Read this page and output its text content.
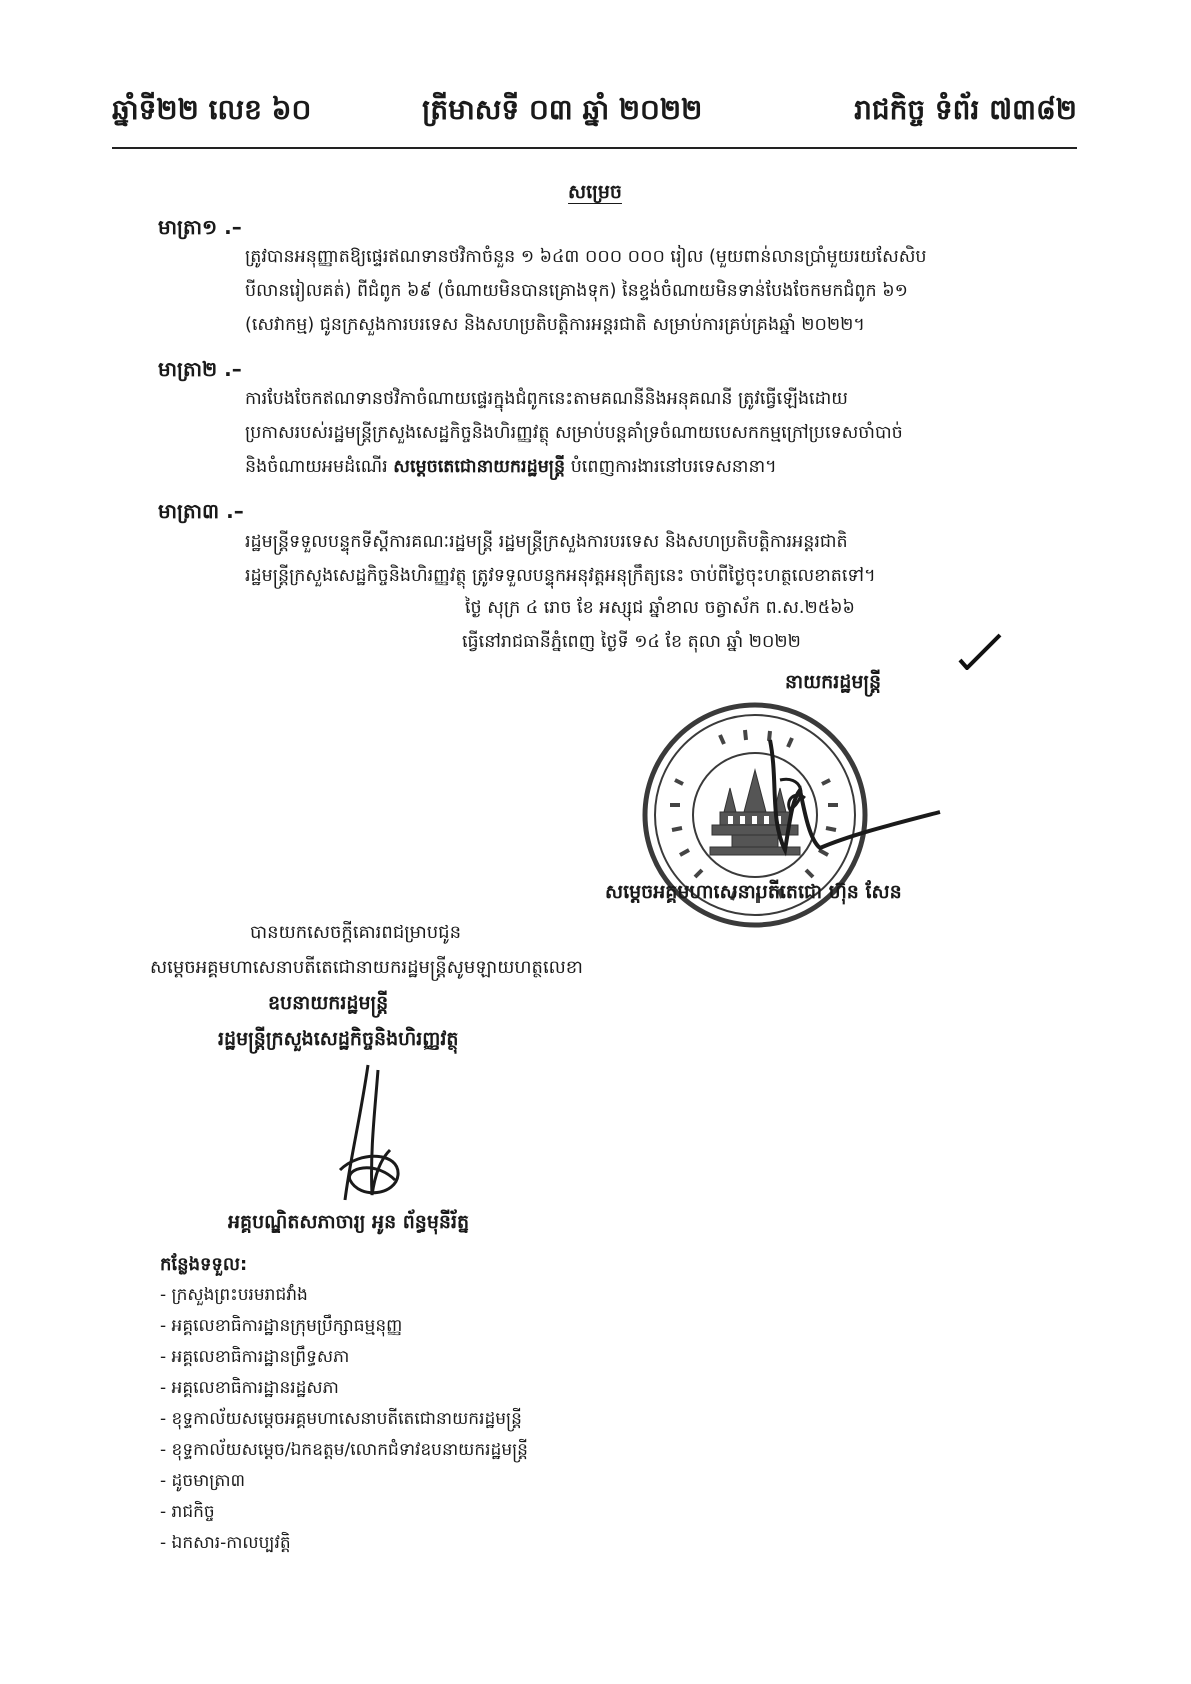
ឆ្នាំទី២២ លេខ ៦០	ត្រីមាសទី ០៣ ឆ្នាំ ២០២២	រាជកិច្ច ទំព័រ ៧៣៨២
សម្រេច
មាត្រា១ .–
ត្រូវបានអនុញ្ញាតឱ្យផ្ទេរឥណទានថវិកាចំនួន ១ ៦៤៣ ០០០ ០០០ រៀល (មួយពាន់លានប្រាំមួយរយសែសិប
បីលានរៀលគត់) ពីជំពូក ៦៩ (ចំណាយមិនបានគ្រោងទុក) នៃខ្ទង់ចំណាយមិនទាន់បែងចែកមកជំពូក ៦១
(សេវាកម្ម) ជូនក្រសួងការបរទេស និងសហប្រតិបត្តិការអន្តរជាតិ សម្រាប់ការគ្រប់គ្រងឆ្នាំ ២០២២។
មាត្រា២ .–
ការបែងចែកឥណទានថវិកាចំណាយផ្ទេរក្នុងជំពូកនេះតាមគណនីនិងអនុគណនី ត្រូវធ្វើឡើងដោយ
ប្រកាសរបស់រដ្ឋមន្ត្រីក្រសួងសេដ្ឋកិច្ចនិងហិរញ្ញវត្ថុ សម្រាប់បន្តគាំទ្រចំណាយបេសកកម្មក្រៅប្រទេសចាំបាច់
និងចំណាយអមដំណើរ សម្តេចតេជោនាយករដ្ឋមន្ត្រី បំពេញការងារនៅបរទេសនានា។
មាត្រា៣ .–
រដ្ឋមន្ត្រីទទួលបន្ទុកទីស្តីការគណៈរដ្ឋមន្ត្រី រដ្ឋមន្ត្រីក្រសួងការបរទេស និងសហប្រតិបត្តិការអន្តរជាតិ
រដ្ឋមន្ត្រីក្រសួងសេដ្ឋកិច្ចនិងហិរញ្ញវត្ថុ ត្រូវទទួលបន្ទុកអនុវត្តអនុក្រឹត្យនេះ ចាប់ពីថ្ងៃចុះហត្ថលេខាតទៅ។
ថ្ងៃ សុក្រ ៤ រោច ខែ អស្សុជ ឆ្នាំខាល ចត្វាស័ក ព.ស.២៥៦៦
ធ្វើនៅរាជធានីភ្នំពេញ ថ្ងៃទី ១៤ ខែ តុលា ឆ្នាំ ២០២២
នាយករដ្ឋមន្ត្រី
សម្តេចអគ្គមហាសេនាបតីតេជោ ហ៊ុន សែន
បានយកសេចក្តីគោរពជម្រាបជូន
សម្តេចអគ្គមហាសេនាបតីតេជោនាយករដ្ឋមន្ត្រីសូមឡាយហត្ថលេខា
ឧបនាយករដ្ឋមន្ត្រី
រដ្ឋមន្ត្រីក្រសួងសេដ្ឋកិច្ចនិងហិរញ្ញវត្ថុ
អគ្គបណ្ឌិតសភាចារ្យ អូន ព័ន្ធមុនីរ័ត្ន
កន្លែងទទួល:
- ក្រសួងព្រះបរមរាជវាំង
- អគ្គលេខាធិការដ្ឋានក្រុមប្រឹក្សាធម្មនុញ្ញ
- អគ្គលេខាធិការដ្ឋានព្រឹទ្ធសភា
- អគ្គលេខាធិការដ្ឋានរដ្ឋសភា
- ខុទ្ទកាល័យសម្តេចអគ្គមហាសេនាបតីតេជោនាយករដ្ឋមន្ត្រី
- ខុទ្ទកាល័យសម្តេច/ឯកឧត្តម/លោកជំទាវឧបនាយករដ្ឋមន្ត្រី
- ដូចមាត្រា៣
- រាជកិច្ច
- ឯកសារ-កាលប្បវត្តិ
